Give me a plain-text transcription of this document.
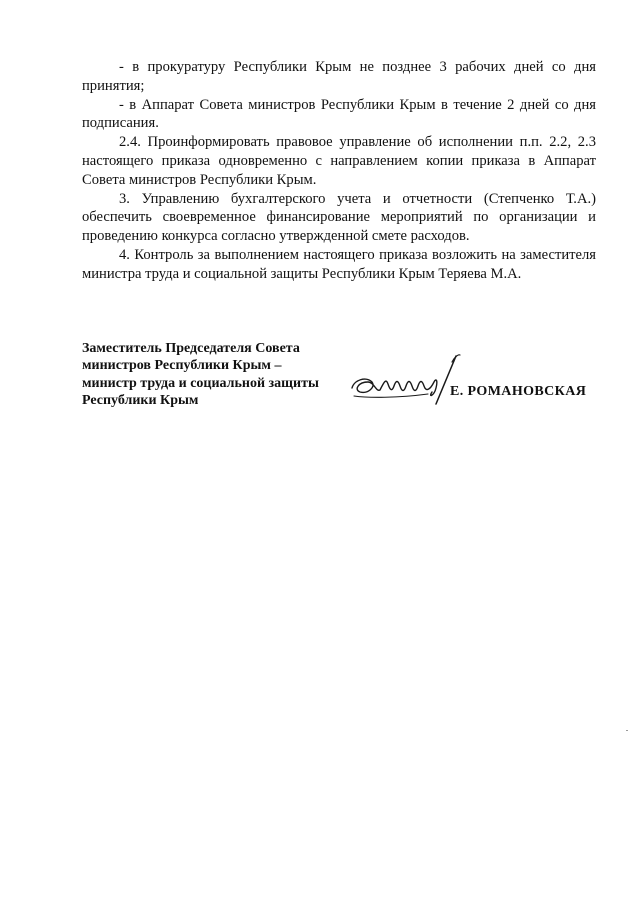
- в прокуратуру Республики Крым не позднее 3 рабочих дней со дня принятия;

- в Аппарат Совета министров Республики Крым в течение 2 дней со дня подписания.

2.4. Проинформировать правовое управление об исполнении п.п. 2.2, 2.3 настоящего приказа одновременно с направлением копии приказа в Аппарат Совета министров Республики Крым.

3. Управлению бухгалтерского учета и отчетности (Степченко Т.А.) обеспечить своевременное финансирование мероприятий по организации и проведению конкурса согласно утвержденной смете расходов.

4. Контроль за выполнением настоящего приказа возложить на заместителя министра труда и социальной защиты Республики Крым Теряева М.А.

Заместитель Председателя Совета
министров Республики Крым –
министр труда и социальной защиты
Республики Крым
Е. РОМАНОВСКАЯ
